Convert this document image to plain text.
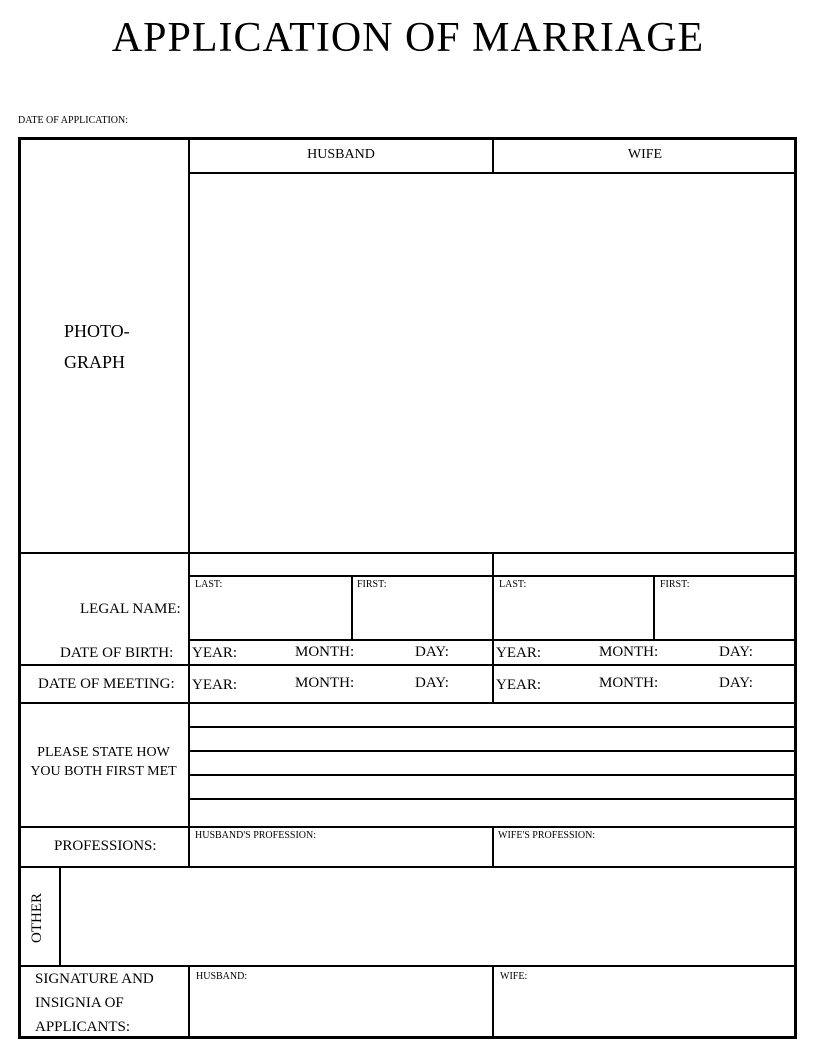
APPLICATION OF MARRIAGE
DATE OF APPLICATION:
HUSBAND	WIFE
PHOTO-
GRAPH
LEGAL NAME:
LAST:	FIRST:	LAST:	FIRST:
DATE OF BIRTH: YEAR:	MONTH:	DAY:	YEAR:	MONTH:	DAY:
DATE OF MEETING: YEAR:	MONTH:	DAY:	YEAR:	MONTH:	DAY:
PLEASE STATE HOW
YOU BOTH FIRST MET
PROFESSIONS:
HUSBAND'S PROFESSION:	WIFE'S PROFESSION:
OTHER
SIGNATURE AND
INSIGNIA OF
APPLICANTS:
HUSBAND:	WIFE:
